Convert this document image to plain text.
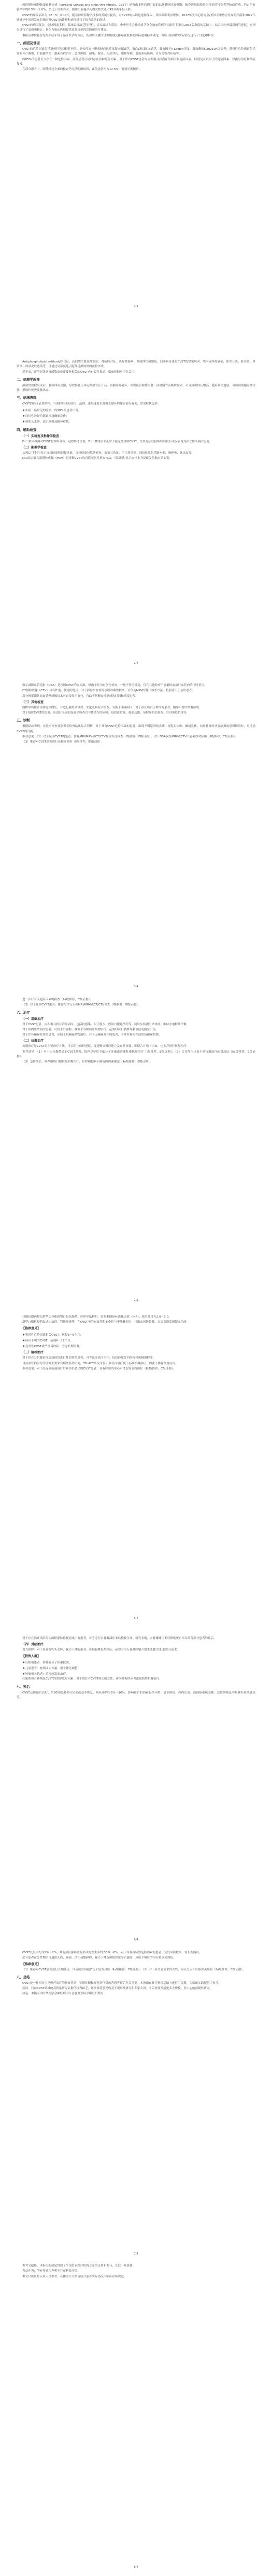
颅内静脉和静脉窦血栓形成（cerebral venous and sinus thrombosis，CVST）是指由多种病因引起的以脑静脉回流受阻、脑脊液吸收障碍为特征的特殊类型脑血管病，约占所有脑卒中的0.5%～1.0%，多见于妊娠妇女、服用口服避孕药的女性以及＜45岁的年轻人群。
CVST的年发病率为（2～5）/100万，随着神经影像学技术的发展与提高，对CVST的认识也逐渐深入，其检出率明显增加。2017年美国心脏协会/美国卒中协会发布的指南和2022年欧洲卒中组织发布的指南对CVST的诊断和治疗进行了较为系统的阐述。
CVST的病因复杂，危险因素多样，临床表现缺乏特异性，容易漏诊和误诊。中华医学会神经病学分会脑血管病学组组织专家在2015版指南的基础上，结合国内外最新研究进展，对指南进行了更新和修订，旨在为临床医师提供更加规范的诊断和治疗建议。
本指南中推荐意见的形成采用了循证医学的方法，所引用文献的证据级别及推荐强度参照国际通用标准确定，并结合我国的实际情况进行了讨论和修改。
一、病因及诱因
CVST的危险因素包括遗传性和获得性两类。遗传性血栓形成倾向包括抗凝血酶缺乏、蛋白C和蛋白S缺乏、凝血因子V Leiden突变、凝血酶原G20210A突变等；获得性危险因素包括妊娠和产褥期、口服避孕药、激素替代治疗、恶性肿瘤、感染、脱水、头部外伤、腰椎穿刺、血液系统疾病、自身免疫性疾病等。
约85%的患者至少存在一种危险因素，部分患者可同时存在多种危险因素。对于所有CVST患者均应积极寻找潜在的病因和危险因素，特别是可以纠正的危险因素，以指导治疗和预防复发。
在部分患者中，即使经过全面的检查仍无法明确病因，此类患者约占12.5%，需要长期随访。
1/4
Antiphospholipid antibody综合征、高同型半胱氨酸血症、肾病综合征、炎症性肠病、系统性红斑狼疮、白塞病等也是CVST的常见病因。颅内或颅外感染，如中耳炎、乳突炎、鼻窦炎、面部皮肤感染等，可通过局部蔓延引起邻近静脉窦的血栓形成。
近年来，新型冠状病毒感染及疫苗接种相关的CVST也有较多报道，临床医师应予以关注。
二、病理学改变
静脉窦血栓形成后，静脉回流受阻，导致静脉压和毛细血管压升高，血脑屏障破坏，出现血管源性水肿；同时脑脊液吸收障碍，可导致颅内压增高。随着病情进展，可出现细胞毒性水肿、静脉性梗死及脑出血。
三、临床表现
CVST的临床表现多样，与血栓形成的部位、范围、进展速度以及侧支循环的建立情况有关，常见症状包括：
● 头痛：最常见的症状，约90%的患者出现；
● 局灶性神经功能缺损及癫痫发作；
● 视乳头水肿、意识障碍及精神症状。
四、辅助检查
（一）实验室及影像学检查
D-二聚体检测对CVST的诊断具有一定的参考价值，D-二聚体水平正常不能完全排除CVST，尤其是症状持续时间较长或仅表现为孤立性头痛的患者。
（二）影像学检查
头颅CT平扫可显示直接征象和间接征象，直接征象包括条索征、致密三角征、空三角征等；间接征象包括脑水肿、脑梗死、脑出血等。
MRI结合磁共振静脉成像（MRV）是诊断CVST的首选无创性检查方法，可以同时显示血栓本身及继发的脑实质病变。
2/4
数字减影血管造影（DSA）是诊断CVST的金标准，但由于其为有创性检查，一般不作为首选，仅在其他检查不能确诊或拟行血管内治疗时采用。
CT静脉成像（CTV）具有快速、便捷的优点，对于静脉窦血栓的诊断准确性较高，可作为MRV的替代检查方法，特别适用于急诊患者。
高分辨率磁共振血管壁成像技术可直接显示血栓，有助于判断血栓形成的时间和演变过程。
（三）其他检查
腰椎穿刺检查可测定颅内压，并进行脑脊液常规、生化及病原学检查，有助于明确病因。对于存在颅内压增高的患者，腰穿可暂时缓解症状。
对于疑诊CVST的患者，应进行全面的血液学检查以寻找潜在的病因，包括血常规、凝血功能、易栓症相关检查、自身免疫抗体等。
五、诊断
根据临床表现、实验室检查及影像学检查结果综合判断。对于具有CVST危险因素的患者，出现不明原因的头痛、视乳头水肿、癫痫发作、局灶性神经功能缺损或意识障碍时，应考虑CVST的可能。
推荐意见：（1）对于疑诊CVST的患者，推荐MRI/MRV或CT/CTV作为首选检查（Ⅰ级推荐，B级证据）；（2）DSA仅在MRV或CTV不能确诊时应用（Ⅱ级推荐，C级证据）。
（3）推荐对CVST患者进行易栓症筛查（Ⅱ级推荐，B级证据）。
3/4
进一步行有关危险因素的检查（Ⅱa级推荐，C级证据）。
（3）对于疑诊CVST患者，推荐尽早行头颅MRI/MRV或CT/CTV检查（Ⅰ级推荐，B级证据）。
六、治疗
（一）基础治疗
对于CVST患者，应积极寻找并治疗病因，包括抗感染、纠正脱水、停用口服避孕药等。同时应监测生命体征，维持水电解质平衡。
对于颅内压增高的患者，可给予甘露醇、呋塞米等降颅压药物治疗，必要时可行腰椎穿刺放液或脑室引流。
对于伴有癫痫发作的患者，应给予抗癫痫药物治疗；对于无癫痫发作的患者，不推荐预防性使用抗癫痫药物。
（二）抗凝治疗
抗凝治疗是CVST的主要治疗方法，可以阻止血栓进展，促进侧支循环建立及血栓再通。即使合并颅内出血，也推荐进行抗凝治疗。
推荐意见：（1）对于无抗凝禁忌的CVST患者，推荐尽早给予低分子肝素或普通肝素抗凝治疗（Ⅰ级推荐，B级证据）；（2）合并颅内出血不是抗凝治疗的禁忌证（Ⅱa级推荐，B级证据）。
（3）急性期后，推荐继续口服抗凝药物治疗，疗程根据病因和危险因素确定（Ⅱa级推荐，B级证据）。
4/4
口服抗凝药物包括华法林和新型口服抗凝药。应用华法林时，需监测国际标准化比值（INR），使其维持在2.0～3.0。
新型口服抗凝药如达比加群、利伐沙班等，在CVST中的有效性和安全性与华法林相当，且出血风险较低，无需常规监测凝血功能。
【推荐意见】
● 暂时性危险因素相关CVST：抗凝3～6个月；
● 病因不明的CVST：抗凝6～12个月；
● 复发性CVST或严重易栓症：考虑长期抗凝。
（三）溶栓治疗
对于经充分抗凝治疗后病情仍进行性加重的患者，可考虑血管内治疗，包括静脉窦内溶栓和机械取栓等。
目前血管内治疗的证据主要来自病例系列研究，TO-ACT研究未显示血管内治疗优于标准抗凝治疗，因此不推荐常规应用。
推荐意见：对于经充分抗凝治疗后病情仍恶化的CVST患者，在有经验的中心可考虑血管内治疗（Ⅱb级推荐，C级证据）。
5/4
对于存在脑疝风险的大面积静脉性梗死或出血患者，可考虑行去骨瓣减压术以挽救生命。研究表明，去骨瓣减压术可降低死亡率并改善部分患者的预后。
（四）对症治疗
视力保护：对于存在视乳头水肿、视力下降的患者，应积极降低颅内压，必要时可行视神经鞘开窗术或腰大池-腹腔分流术。
【特殊人群】
● 妊娠期患者：推荐低分子肝素抗凝；
● 儿童患者：参照成人方案，需个体化调整；
● 肿瘤相关患者：重视原发病治疗。
妊娠期和产褥期是CVST的重要危险因素，对于既往有CVST病史的女性，再次妊娠时应考虑预防性抗凝治疗。
七、预后
CVST总体预后良好，约80%的患者可完全或基本恢复，病死率约为5%～10%。影响预后的因素包括年龄、意识障碍、颅内出血、深静脉系统受累、恶性肿瘤及中枢神经系统感染等。
6/4
CVST复发率约为2%～7%，其他部位静脉血栓形成的发生率约为3%～8%。对于存在持续性危险因素的患者，复发风险较高，需长期随访。
部分患者在急性期后可遗留头痛、癫痫、认知功能障碍、视力下降及抑郁焦虑等后遗症，应给予相应的治疗和康复训练。
【推荐意见】
（1）推荐对CVST患者进行长期随访，评估血管再通情况和复发风险（Ⅱa级推荐，C级证据）；（2）对于有生育需求的女性，应充分告知妊娠相关风险（Ⅱa级推荐，C级证据）。
八、总结
CVST是一种相对少见但可治疗的脑血管病，早期诊断和规范治疗对改善患者预后至关重要。本指南在既往指南基础上进行了更新，为临床实践提供了参考。
然而，目前CVST领域的高质量研究证据仍较为缺乏，许多推荐意见仍基于观察性研究和专家共识，今后需要开展更多大规模、多中心的前瞻性研究。
执笔：本指南由中华医学会神经病学分会脑血管病学组组织撰写。
7/4
参考文献略。本指南的制定得到了全国多家医疗机构专家的支持和参与，在此一并致谢。
利益冲突：所有作者均声明不存在利益冲突。
本文仅供医疗专业人员参考，具体诊疗方案请结合患者实际情况由临床医师决定。
8/4
